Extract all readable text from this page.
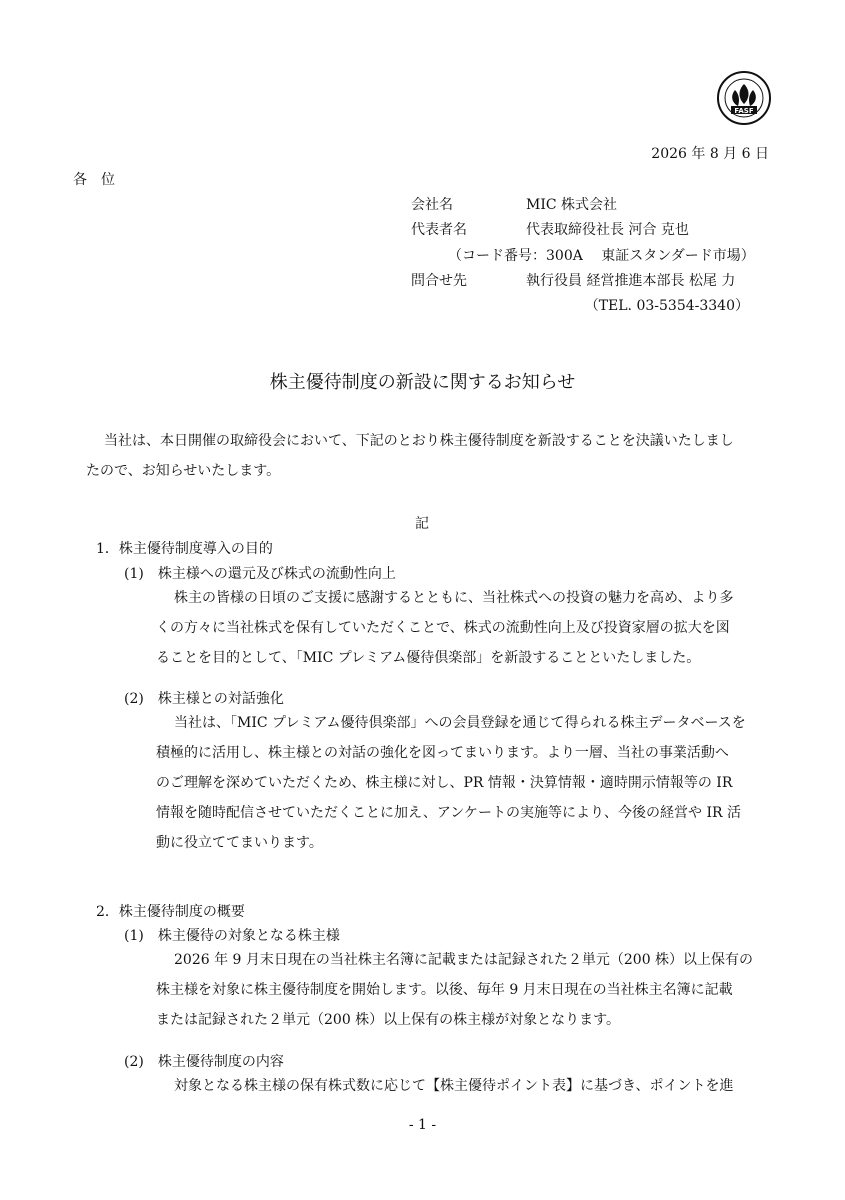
FASF
2026 年 8 月 6 日
各　位
会社名	MIC 株式会社
代表者名	代表取締役社長 河合 克也
（コード番号：300A　 東証スタンダード市場）
問合せ先	執行役員 経営推進本部長 松尾 力
（TEL. 03-5354-3340）
株主優待制度の新設に関するお知らせ
当社は、本日開催の取締役会において、下記のとおり株主優待制度を新設することを決議いたしまし
たので、お知らせいたします。
記
1．株主優待制度導入の目的
(1)　株主様への還元及び株式の流動性向上
株主の皆様の日頃のご支援に感謝するとともに、当社株式への投資の魅力を高め、より多
くの方々に当社株式を保有していただくことで、株式の流動性向上及び投資家層の拡大を図
ることを目的として、「MIC プレミアム優待倶楽部」を新設することといたしました。
(2)　株主様との対話強化
当社は、「MIC プレミアム優待倶楽部」への会員登録を通じて得られる株主データベースを
積極的に活用し、株主様との対話の強化を図ってまいります。より一層、当社の事業活動へ
のご理解を深めていただくため、株主様に対し、PR 情報・決算情報・適時開示情報等の IR
情報を随時配信させていただくことに加え、アンケートの実施等により、今後の経営や IR 活
動に役立ててまいります。
2．株主優待制度の概要
(1)　株主優待の対象となる株主様
2026 年 9 月末日現在の当社株主名簿に記載または記録された２単元（200 株）以上保有の
株主様を対象に株主優待制度を開始します。以後、毎年 9 月末日現在の当社株主名簿に記載
または記録された２単元（200 株）以上保有の株主様が対象となります。
(2)　株主優待制度の内容
対象となる株主様の保有株式数に応じて【株主優待ポイント表】に基づき、ポイントを進
- 1 -
